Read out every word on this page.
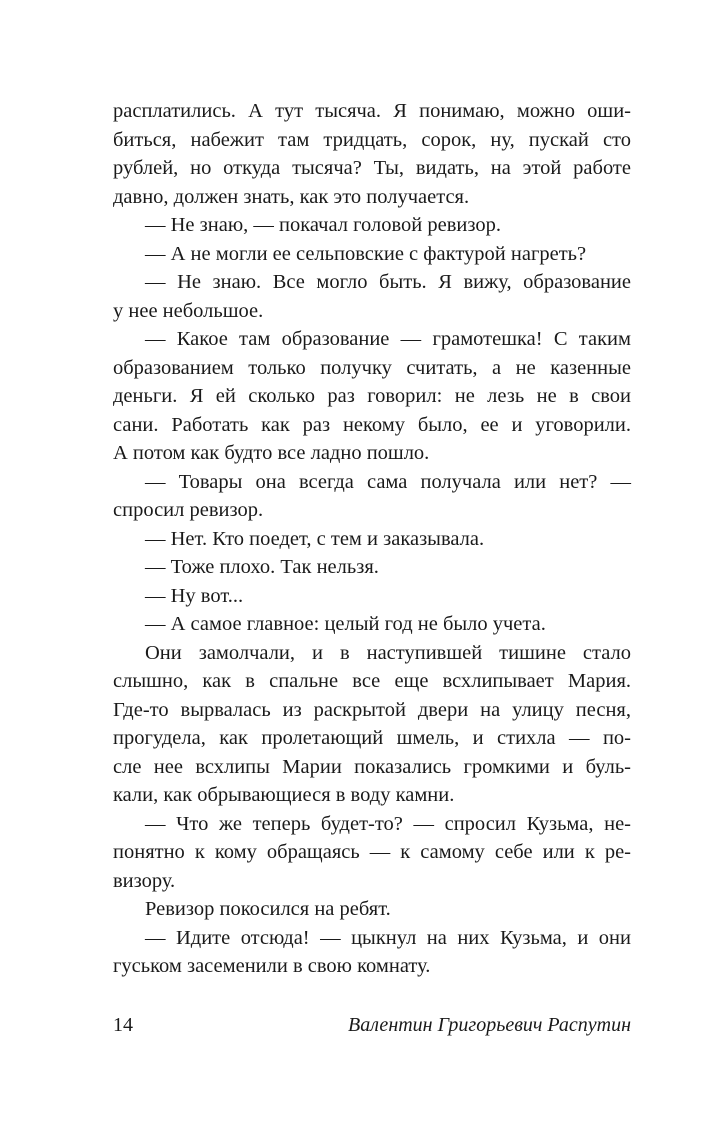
расплатились. А тут тысяча. Я понимаю, можно оши-
биться, набежит там тридцать, сорок, ну, пускай сто
рублей, но откуда тысяча? Ты, видать, на этой работе
давно, должен знать, как это получается.
— Не знаю, — покачал головой ревизор.
— А не могли ее сельповские с фактурой нагреть?
— Не знаю. Все могло быть. Я вижу, образование
у нее небольшое.
— Какое там образование — грамотешка! С таким
образованием только получку считать, а не казенные
деньги. Я ей сколько раз говорил: не лезь не в свои
сани. Работать как раз некому было, ее и уговорили.
А потом как будто все ладно пошло.
— Товары она всегда сама получала или нет? —
спросил ревизор.
— Нет. Кто поедет, с тем и заказывала.
— Тоже плохо. Так нельзя.
— Ну вот...
— А самое главное: целый год не было учета.
Они замолчали, и в наступившей тишине стало
слышно, как в спальне все еще всхлипывает Мария.
Где-то вырвалась из раскрытой двери на улицу песня,
прогудела, как пролетающий шмель, и стихла — по-
сле нее всхлипы Марии показались громкими и буль-
кали, как обрывающиеся в воду камни.
— Что же теперь будет-то? — спросил Кузьма, не-
понятно к кому обращаясь — к самому себе или к ре-
визору.
Ревизор покосился на ребят.
— Идите отсюда! — цыкнул на них Кузьма, и они
гуськом засеменили в свою комнату.
14	Валентин Григорьевич Распутин
